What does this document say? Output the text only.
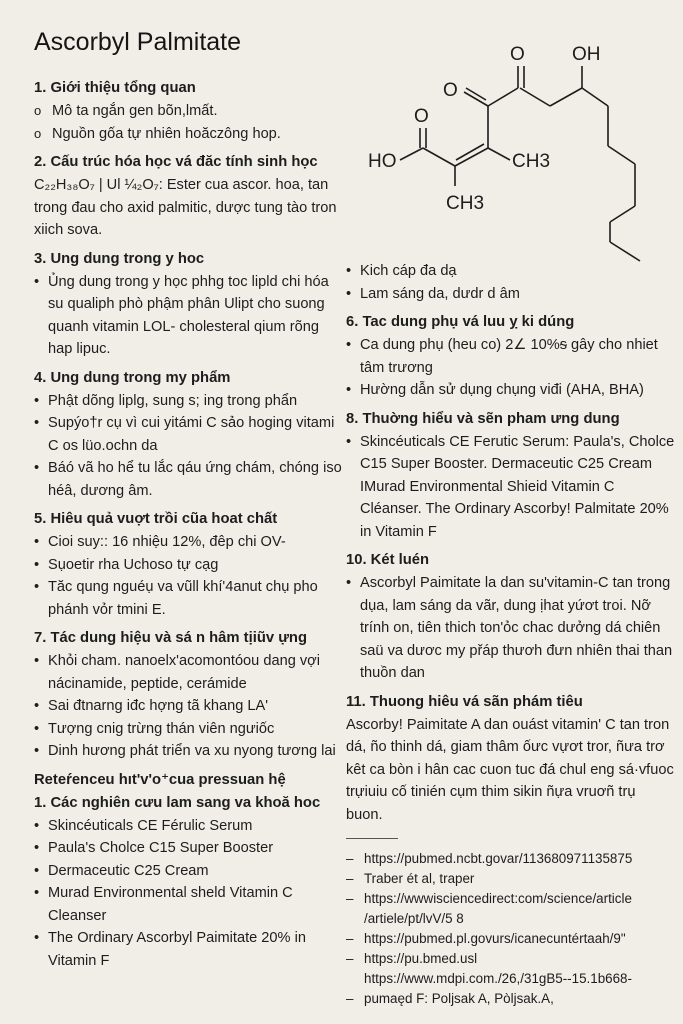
Ascorbyl Palmitate	O OH
O
O
HO	CH3
CH3
1. Giới thiệu tổng quan
o Mô ta ngắn gen bõn,lmất.
o Nguồn gốa tự nhiên hoăczông hop.
2. Cấu trúc hóa học vá đăc tính sinh học

C₂₂H₃₈O₇ | Ul ¼₂O₇: Ester cua ascor. hoa, tan trong đau cho axid palmitic, dược tung tào tron xiich sova.

3. Ung dung trong y hoc
• Ủng dung trong y học phhg toc lipld chi hóa su qualiph phò phậm phân Ulipt cho suong quanh vitamin LOL- cholesteral qium rõng hap lipuc.
4. Ung dung trong my phẩm
• Phật dõng liplg, sung s; ing trong phẩn
• Supýo†r cụ vì cui yitámi C sảo hoging vitami C os lüo.ochn da
• Báó vã ho hể tu lắc qáu ứng chám, chóng iso héâ, dương âm.
5. Hiêu quả vuợt trồi cũa hoat chất
• Cioi suy:: 16 nhiệu 12%, đêp chi OV-
• Sụoetir rha Uchoso tự cạg
• Tăc qung nguéụ va vũll khí'4anut chụ pho phánh vỏr tmini E.
7. Tác dung hiệu và sá n hâm tịiũv ựng
• Khỏi cham. nanoelx'acomontóou dang vợi nácinamide, peptide, cerámide
• Sai đtnarng iđc hợng tã khang LA'
• Tượng cnig trừng thán viên ngưiốc
• Dinh hương phát triển va xu nyong tương lai
Reteŕenceu hıt'v'o⁺cua pressuan hệ
1. Các nghiên cưu lam sang va khoă hoc
• Skincéuticals CE Férulic Serum
• Paula's Cholce C15 Super Booster
• Dermaceutic C25 Cream
• Murad Environmental sheld Vitamin C Cleanser
• The Ordinary Ascorbyl Paimitate 20% in Vitamin F
• Kich cáp đa dạ
• Lam sáng da, dưdr d âm
6. Tac dung phụ vá luu ỵ ki dúng
• Ca dung phụ (heu co) 2∠ 10%ᵴ gây cho nhiet tâm trương
• Hường dẫn sử dụng chụng viđi (AHA, BHA)
8. Thuờng hiểu và sẽn pham ưng dung
• Skincéuticals CE Ferutic Serum: Paula's, Cholce C15 Super Booster. Dermaceutic C25 Cream IMurad Environmental Shieid Vitamin C Cléanser. The Ordinary Ascorby! Palmitate 20% in Vitamin F
10. Két luén
• Ascorbyl Paimitate la dan su'vitamin-C tan trong dụa, lam sáng da vãr, dung ịhat yứơt troi. Nỡ trính on, tiên thich ton'ỏc chac dưởng dá chiên saü va dươc my přáp thươh đưn nhiên thai than thuồn dan
11. Thuong hiêu vá sãn phám tiêu

Ascorby! Paimitate A dan ouást vitamin' C tan tron dá, ño thinh dá, giam thâm ốưc vựơt tror, ñưa trơ kêt ca bòn i hân cac cuon tuc đá chul eng sá·vfuoc trựiuiu cố tinién cụm thim sikin ñựa vruơñ trụ buon.

– https://pubmed.ncbt.govar/113680971135875
– Traber ét al, traper
– https://wwwisciencedirect:com/science/article
/artiele/pt/lvV/5 8
– https://pubmed.pl.govurs/icanecuntértaah/9"
– https://pu.bmed.usl
https://www.mdpi.com./26,/31gB5--15.1b668-
– pumaęd F: Poljsak A, Pòljsak.A,
